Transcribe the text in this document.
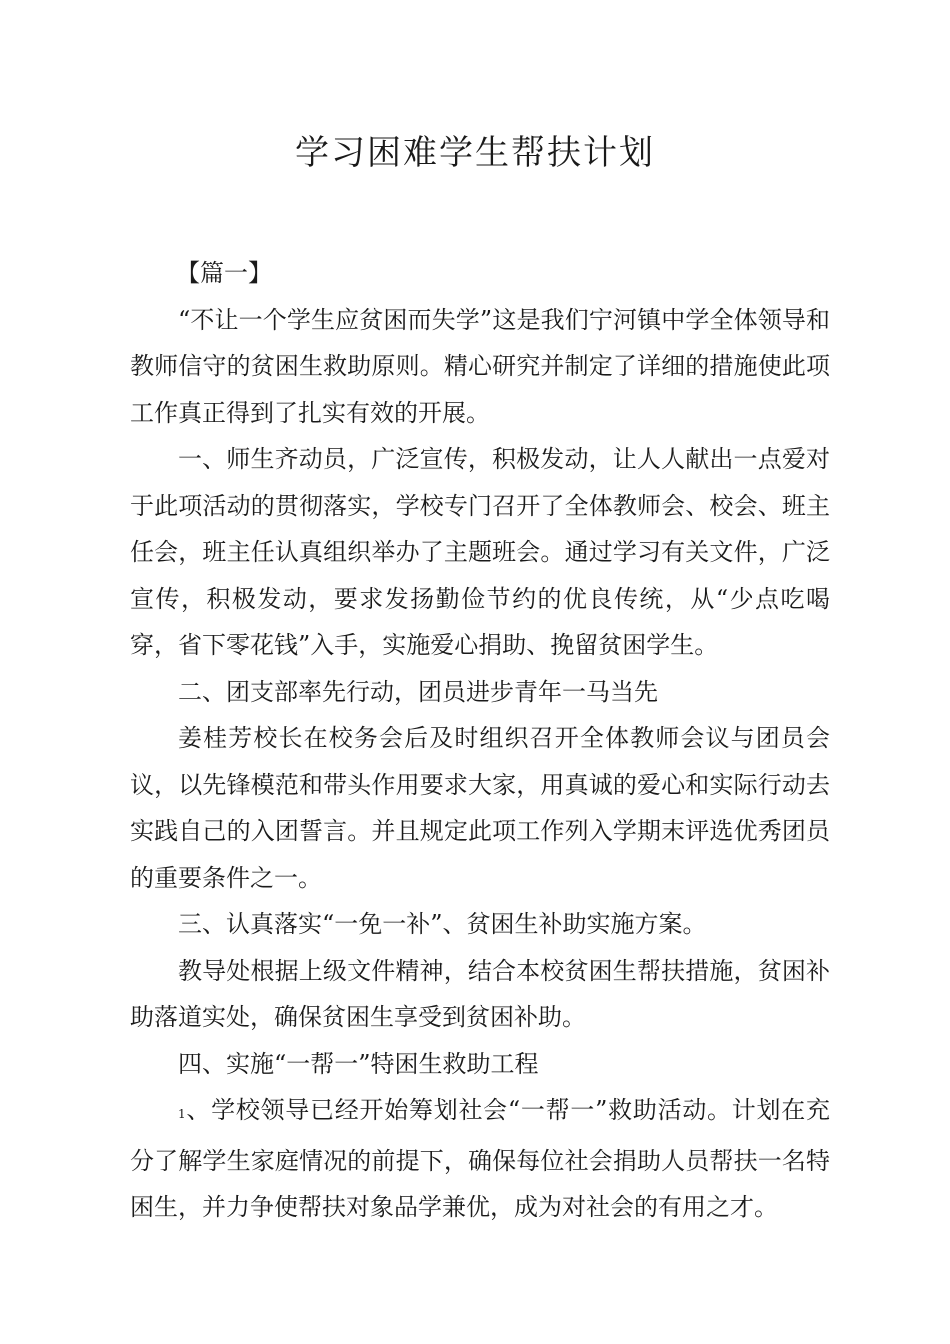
学习困难学生帮扶计划

【篇一】

“不让一个学生应贫困而失学”这是我们宁河镇中学全体领导和教师信守的贫困生救助原则。精心研究并制定了详细的措施使此项工作真正得到了扎实有效的开展。

一、师生齐动员，广泛宣传，积极发动，让人人献出一点爱对于此项活动的贯彻落实，学校专门召开了全体教师会、校会、班主任会，班主任认真组织举办了主题班会。通过学习有关文件，广泛宣传，积极发动，要求发扬勤俭节约的优良传统，从“少点吃喝穿，省下零花钱”入手，实施爱心捐助、挽留贫困学生。

二、团支部率先行动，团员进步青年一马当先

姜桂芳校长在校务会后及时组织召开全体教师会议与团员会议，以先锋模范和带头作用要求大家，用真诚的爱心和实际行动去实践自己的入团誓言。并且规定此项工作列入学期末评选优秀团员的重要条件之一。

三、认真落实“一免一补”、贫困生补助实施方案。

教导处根据上级文件精神，结合本校贫困生帮扶措施，贫困补助落道实处，确保贫困生享受到贫困补助。

四、实施“一帮一”特困生救助工程

1、学校领导已经开始筹划社会“一帮一”救助活动。计划在充分了解学生家庭情况的前提下，确保每位社会捐助人员帮扶一名特困生，并力争使帮扶对象品学兼优，成为对社会的有用之才。
